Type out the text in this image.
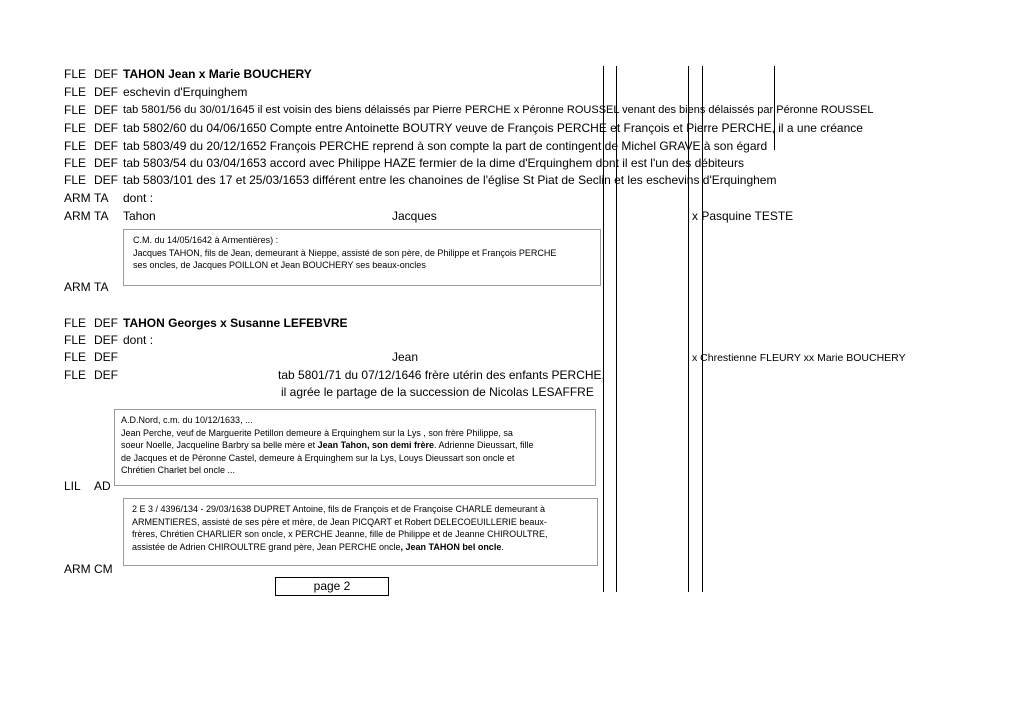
FLE DEF TAHON Jean x Marie BOUCHERY
FLE DEF eschevin d'Erquinghem
FLE DEF tab 5801/56 du 30/01/1645 il est voisin des biens délaissés par Pierre PERCHE x Péronne ROUSSEL venant des biens délaissés par Péronne ROUSSEL
FLE DEF tab 5802/60 du 04/06/1650 Compte entre Antoinette BOUTRY veuve de François PERCHE et François et Pierre PERCHE, il a une créance
FLE DEF tab 5803/49 du 20/12/1652 François PERCHE reprend à son compte la part de contingent de Michel GRAVE à son égard
FLE DEF tab 5803/54 du 03/04/1653 accord avec Philippe HAZE fermier de la dime d'Erquinghem dont il est l'un des débiteurs
FLE DEF tab 5803/101 des 17 et 25/03/1653 différent entre les chanoines de l'église St Piat de Seclin et les eschevins d'Erquinghem
ARM TA dont :
ARM TA Tahon	Jacques	x Pasquine TESTE
C.M. du 14/05/1642 à Armentières) :
Jacques TAHON, fils de Jean, demeurant à Nieppe, assisté de son père, de Philippe et François PERCHE
ses oncles, de Jacques POILLON et Jean BOUCHERY ses beaux-oncles
ARM TA
FLE DEF TAHON Georges x Susanne LEFEBVRE
FLE DEF dont :
FLE DEF	Jean	x Chrestienne FLEURY xx Marie BOUCHERY
FLE DEF	tab 5801/71 du 07/12/1646 frère utérin des enfants PERCHE,
il agrée le partage de la succession de Nicolas LESAFFRE
A.D.Nord, c.m. du 10/12/1633, ...
Jean Perche, veuf de Marguerite Petillon demeure à Erquinghem sur la Lys , son frère Philippe, sa
soeur Noelle, Jacqueline Barbry sa belle mère et Jean Tahon, son demi frère. Adrienne Dieussart, fille
de Jacques et de Péronne Castel, demeure à Erquinghem sur la Lys, Louys Dieussart son oncle et
Chrétien Charlet bel oncle ...
LIL AD
2 E 3 / 4396/134 - 29/03/1638 DUPRET Antoine, fils de François et de Françoise CHARLE demeurant à
ARMENTIERES, assisté de ses père et mère, de Jean PICQART et Robert DELECOEUILLERIE beaux-
frères, Chrétien CHARLIER son oncle, x PERCHE Jeanne, fille de Philippe et de Jeanne CHIROULTRE,
assistée de Adrien CHIROULTRE grand père, Jean PERCHE oncle, Jean TAHON bel oncle.
ARM CM
page 2
